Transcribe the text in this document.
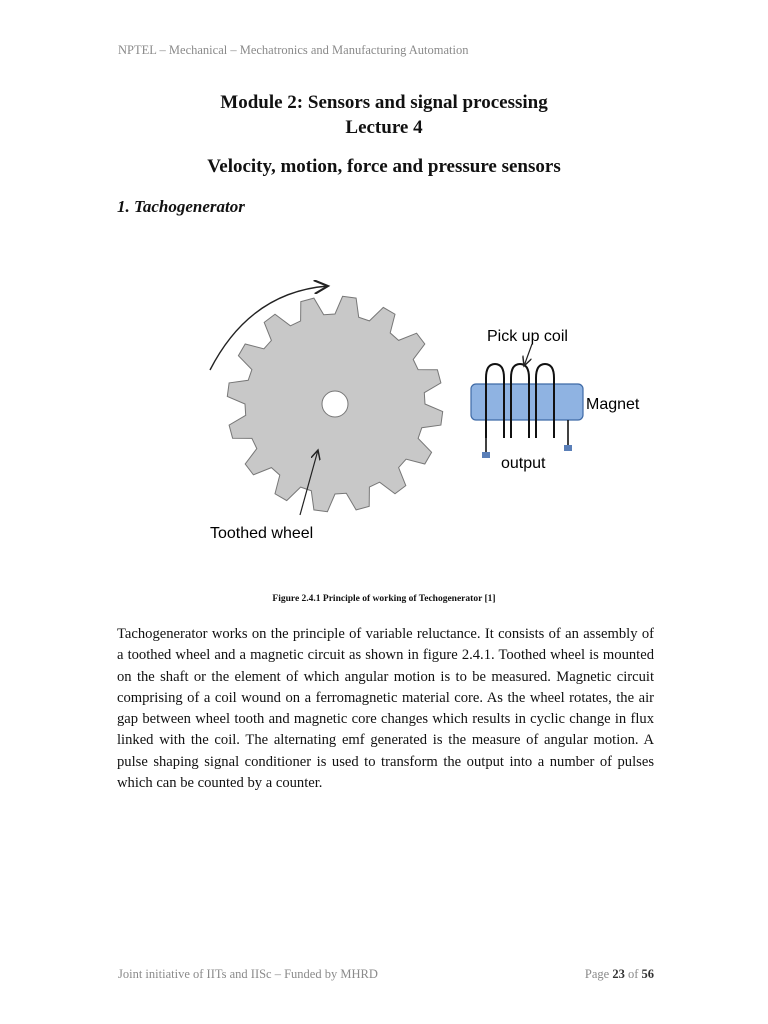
NPTEL – Mechanical – Mechatronics and Manufacturing Automation
Module 2: Sensors and signal processing
Lecture 4
Velocity, motion, force and pressure sensors
1. Tachogenerator
Pick up coil
Magnet
output
Toothed wheel
Figure 2.4.1 Principle of working of Techogenerator [1]
Tachogenerator works on the principle of variable reluctance. It consists of an assembly of a toothed wheel and a magnetic circuit as shown in figure 2.4.1. Toothed wheel is mounted on the shaft or the element of which angular motion is to be measured. Magnetic circuit comprising of a coil wound on a ferromagnetic material core. As the wheel rotates, the air gap between wheel tooth and magnetic core changes which results in cyclic change in flux linked with the coil. The alternating emf generated is the measure of angular motion. A pulse shaping signal conditioner is used to transform the output into a number of pulses which can be counted by a counter.
Joint initiative of IITs and IISc – Funded by MHRD	Page 23 of 56
